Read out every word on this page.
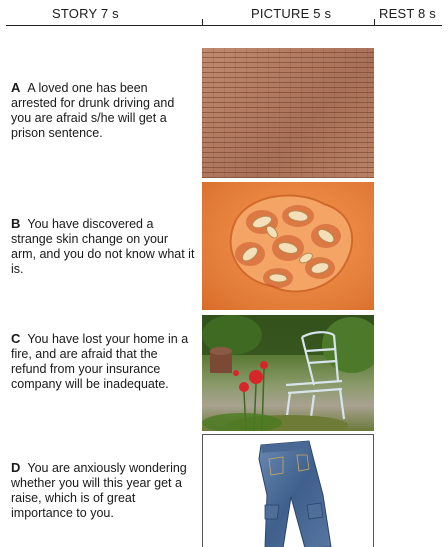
STORY 7 s	PICTURE 5 s	REST 8 s
A A loved one has been arrested for drunk driving and you are afraid s/he will get a prison sentence.
B You have discovered a strange skin change on your arm, and you do not know what it is.
C You have lost your home in a fire, and are afraid that the refund from your insurance company will be inadequate.
D You are anxiously wondering whether you will this year get a raise, which is of great importance to you.
